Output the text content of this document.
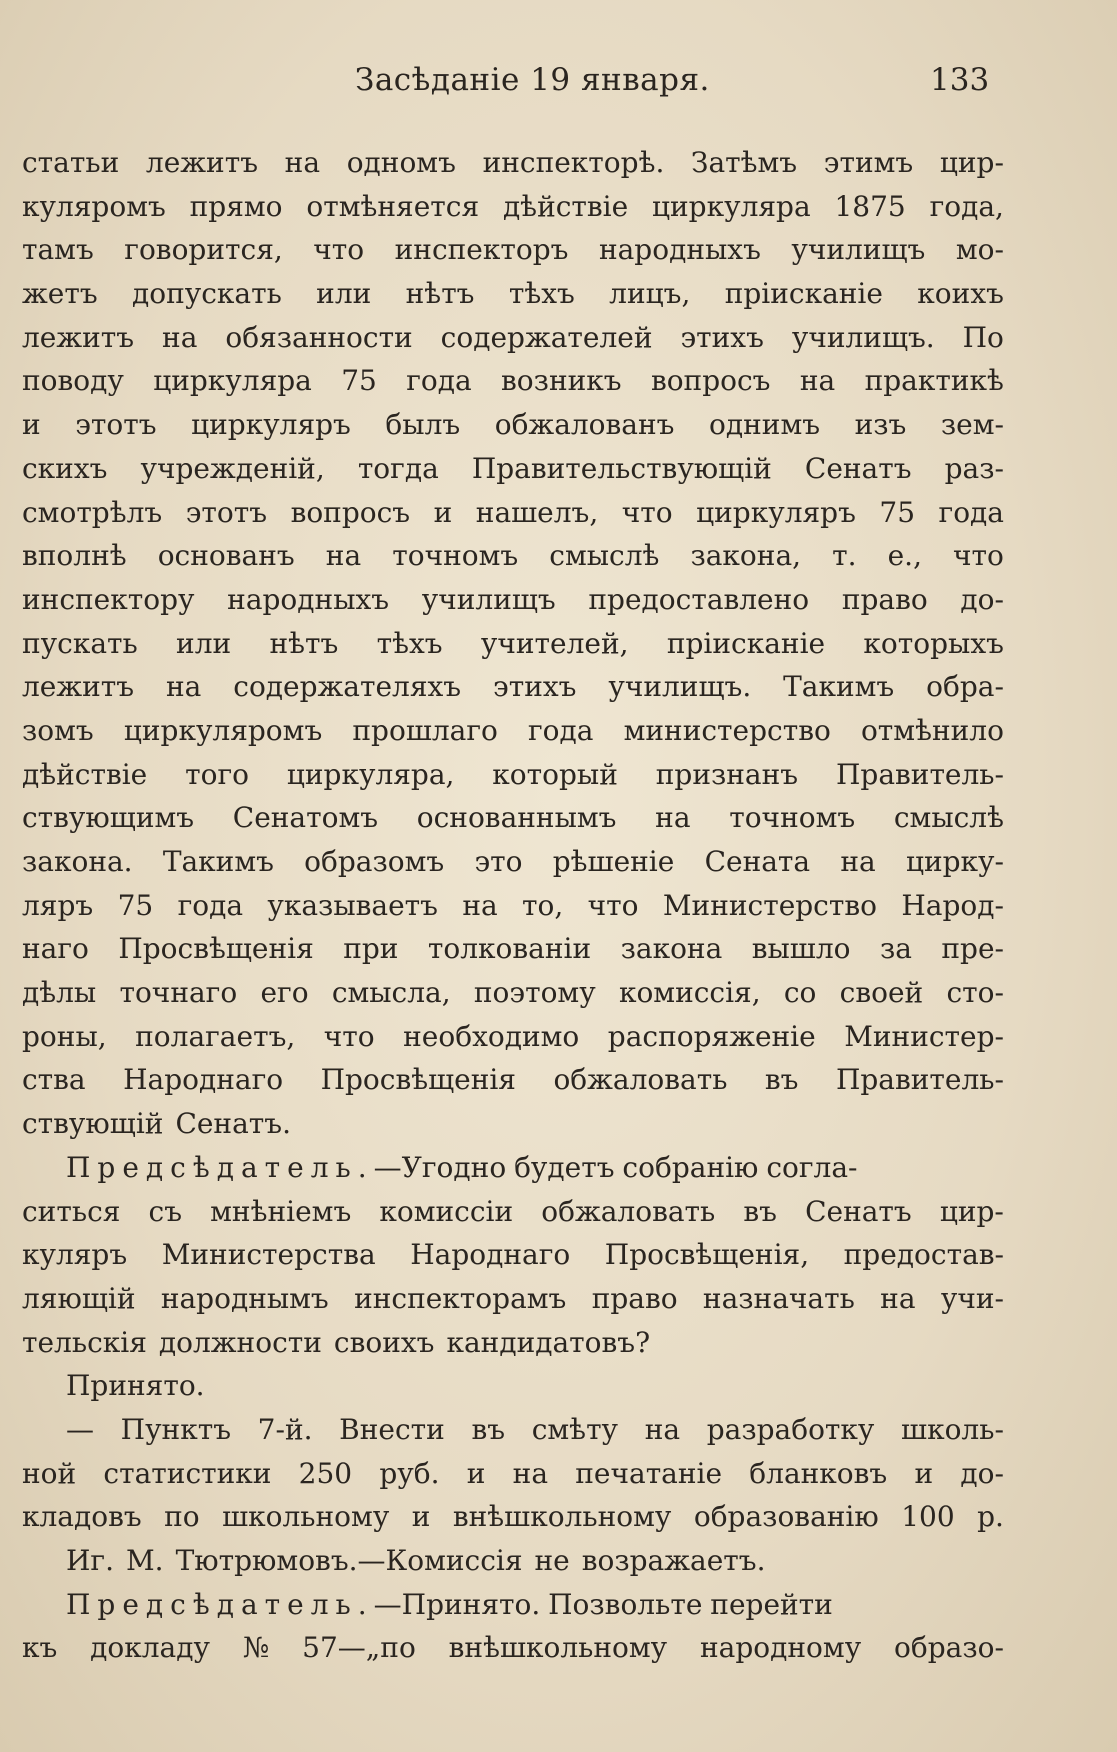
Засѣданіе 19 января.	133
статьи лежитъ на одномъ инспекторѣ. Затѣмъ этимъ цир-
куляромъ прямо отмѣняется дѣйствіе циркуляра 1875 года,
тамъ говорится, что инспекторъ народныхъ училищъ мо-
жетъ допускать или нѣтъ тѣхъ лицъ, пріисканіе коихъ
лежитъ на обязанности содержателей этихъ училищъ. По
поводу циркуляра 75 года возникъ вопросъ на практикѣ
и этотъ циркуляръ былъ обжалованъ однимъ изъ зем-
скихъ учрежденій, тогда Правительствующій Сенатъ раз-
смотрѣлъ этотъ вопросъ и нашелъ, что циркуляръ 75 года
вполнѣ основанъ на точномъ смыслѣ закона, т. е., что
инспектору народныхъ училищъ предоставлено право до-
пускать или нѣтъ тѣхъ учителей, пріисканіе которыхъ
лежитъ на содержателяхъ этихъ училищъ. Такимъ обра-
зомъ циркуляромъ прошлаго года министерство отмѣнило
дѣйствіе того циркуляра, который признанъ Правитель-
ствующимъ Сенатомъ основаннымъ на точномъ смыслѣ
закона. Такимъ образомъ это рѣшеніе Сената на цирку-
ляръ 75 года указываетъ на то, что Министерство Народ-
наго Просвѣщенія при толкованіи закона вышло за пре-
дѣлы точнаго его смысла, поэтому комиссія, со своей сто-
роны, полагаетъ, что необходимо распоряженіе Министер-
ства Народнаго Просвѣщенія обжаловать въ Правитель-
ствующій Сенатъ.
Предсѣдатель. —Угодно будетъ собранію согла-
ситься съ мнѣніемъ комиссіи обжаловать въ Сенатъ цир-
куляръ Министерства Народнаго Просвѣщенія, предостав-
ляющій народнымъ инспекторамъ право назначать на учи-
тельскія должности своихъ кандидатовъ?
Принято.
— Пунктъ 7-й. Внести въ смѣту на разработку школь-
ной статистики 250 руб. и на печатаніе бланковъ и до-
кладовъ по школьному и внѣшкольному образованію 100 р.
Иг. М. Тютрюмовъ.—Комиссія не возражаетъ.
Предсѣдатель. —Принято. Позвольте перейти
къ докладу № 57—„по внѣшкольному народному образо-
